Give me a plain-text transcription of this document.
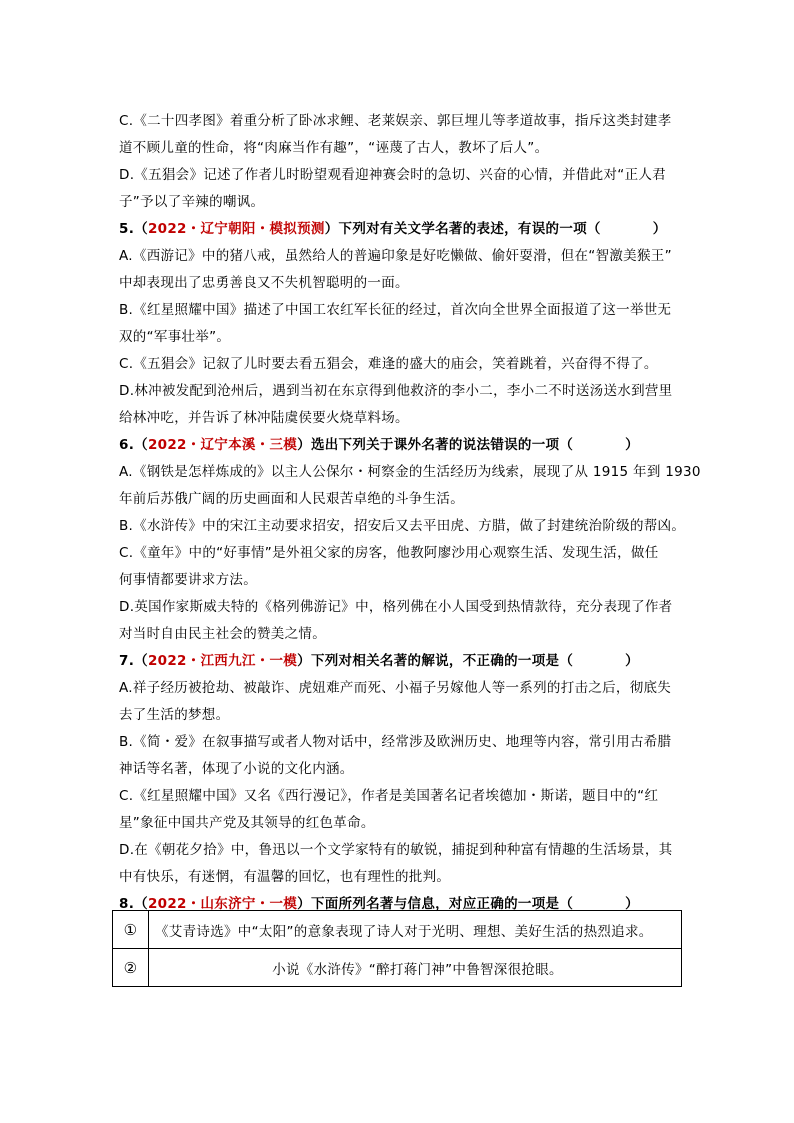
C.《二十四孝图》着重分析了卧冰求鲤、老莱娱亲、郭巨埋儿等孝道故事，指斥这类封建孝
道不顾儿童的性命，将“肉麻当作有趣”，“诬蔑了古人，教坏了后人”。
D.《五猖会》记述了作者儿时盼望观看迎神赛会时的急切、兴奋的心情，并借此对“正人君
子”予以了辛辣的嘲讽。
5.（2022・辽宁朝阳・模拟预测）下列对有关文学名著的表述，有误的一项（	）
A.《西游记》中的猪八戒，虽然给人的普遍印象是好吃懒做、偷奸耍滑，但在“智激美猴王”
中却表现出了忠勇善良又不失机智聪明的一面。
B.《红星照耀中国》描述了中国工农红军长征的经过，首次向全世界全面报道了这一举世无
双的“军事壮举”。
C.《五猖会》记叙了儿时要去看五猖会，难逢的盛大的庙会，笑着跳着，兴奋得不得了。
D.林冲被发配到沧州后，遇到当初在东京得到他救济的李小二，李小二不时送汤送水到营里
给林冲吃，并告诉了林冲陆虞侯要火烧草料场。
6.（2022・辽宁本溪・三模）选出下列关于课外名著的说法错误的一项（	）
A.《钢铁是怎样炼成的》以主人公保尔・柯察金的生活经历为线索，展现了从 1915 年到 1930
年前后苏俄广阔的历史画面和人民艰苦卓绝的斗争生活。
B.《水浒传》中的宋江主动要求招安，招安后又去平田虎、方腊，做了封建统治阶级的帮凶。
C.《童年》中的“好事情”是外祖父家的房客，他教阿廖沙用心观察生活、发现生活，做任
何事情都要讲求方法。
D.英国作家斯威夫特的《格列佛游记》中，格列佛在小人国受到热情款待，充分表现了作者
对当时自由民主社会的赞美之情。
7.（2022・江西九江・一模）下列对相关名著的解说，不正确的一项是（	）
A.祥子经历被抢劫、被敲诈、虎妞难产而死、小福子另嫁他人等一系列的打击之后，彻底失
去了生活的梦想。
B.《简・爱》在叙事描写或者人物对话中，经常涉及欧洲历史、地理等内容，常引用古希腊
神话等名著，体现了小说的文化内涵。
C.《红星照耀中国》又名《西行漫记》，作者是美国著名记者埃德加・斯诺，题目中的“红
星”象征中国共产党及其领导的红色革命。
D.在《朝花夕拾》中，鲁迅以一个文学家特有的敏锐，捕捉到种种富有情趣的生活场景，其
中有快乐，有迷惘，有温馨的回忆，也有理性的批判。
8.（2022・山东济宁・一模）下面所列名著与信息，对应正确的一项是（	）
①	《艾青诗选》中“太阳”的意象表现了诗人对于光明、理想、美好生活的热烈追求。
②	小说《水浒传》“醉打蒋门神”中鲁智深很抢眼。
